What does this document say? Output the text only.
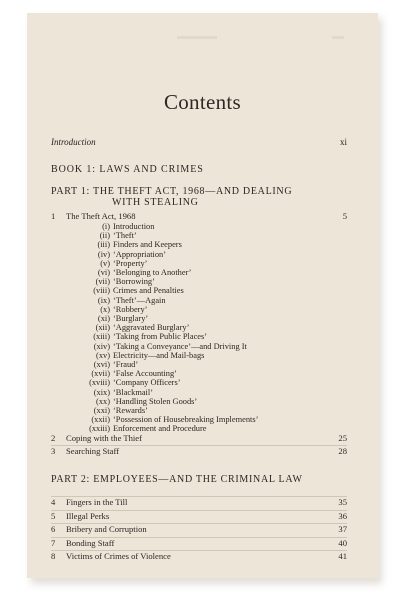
Contents
Introduction	xi
BOOK 1: LAWS AND CRIMES
PART 1: THE THEFT ACT, 1968—AND DEALING
WITH STEALING
1	The Theft Act, 1968	5
(i) Introduction
(ii) ‘Theft’
(iii) Finders and Keepers
(iv) ‘Appropriation’
(v) ‘Property’
(vi) ‘Belonging to Another’
(vii) ‘Borrowing’
(viii) Crimes and Penalties
(ix) ‘Theft’—Again
(x) ‘Robbery’
(xi) ‘Burglary’
(xii) ‘Aggravated Burglary’
(xiii) ‘Taking from Public Places’
(xiv) ‘Taking a Conveyance’—and Driving It
(xv) Electricity—and Mail-bags
(xvi) ‘Fraud’
(xvii) ‘False Accounting’
(xviii) ‘Company Officers’
(xix) ‘Blackmail’
(xx) ‘Handling Stolen Goods’
(xxi) ‘Rewards’
(xxii) ‘Possession of Housebreaking Implements’
(xxiii) Enforcement and Procedure
2	Coping with the Thief	25
3	Searching Staff	28
PART 2: EMPLOYEES—AND THE CRIMINAL LAW
4	Fingers in the Till	35
5	Illegal Perks	36
6	Bribery and Corruption	37
7	Bonding Staff	40
8	Victims of Crimes of Violence	41
